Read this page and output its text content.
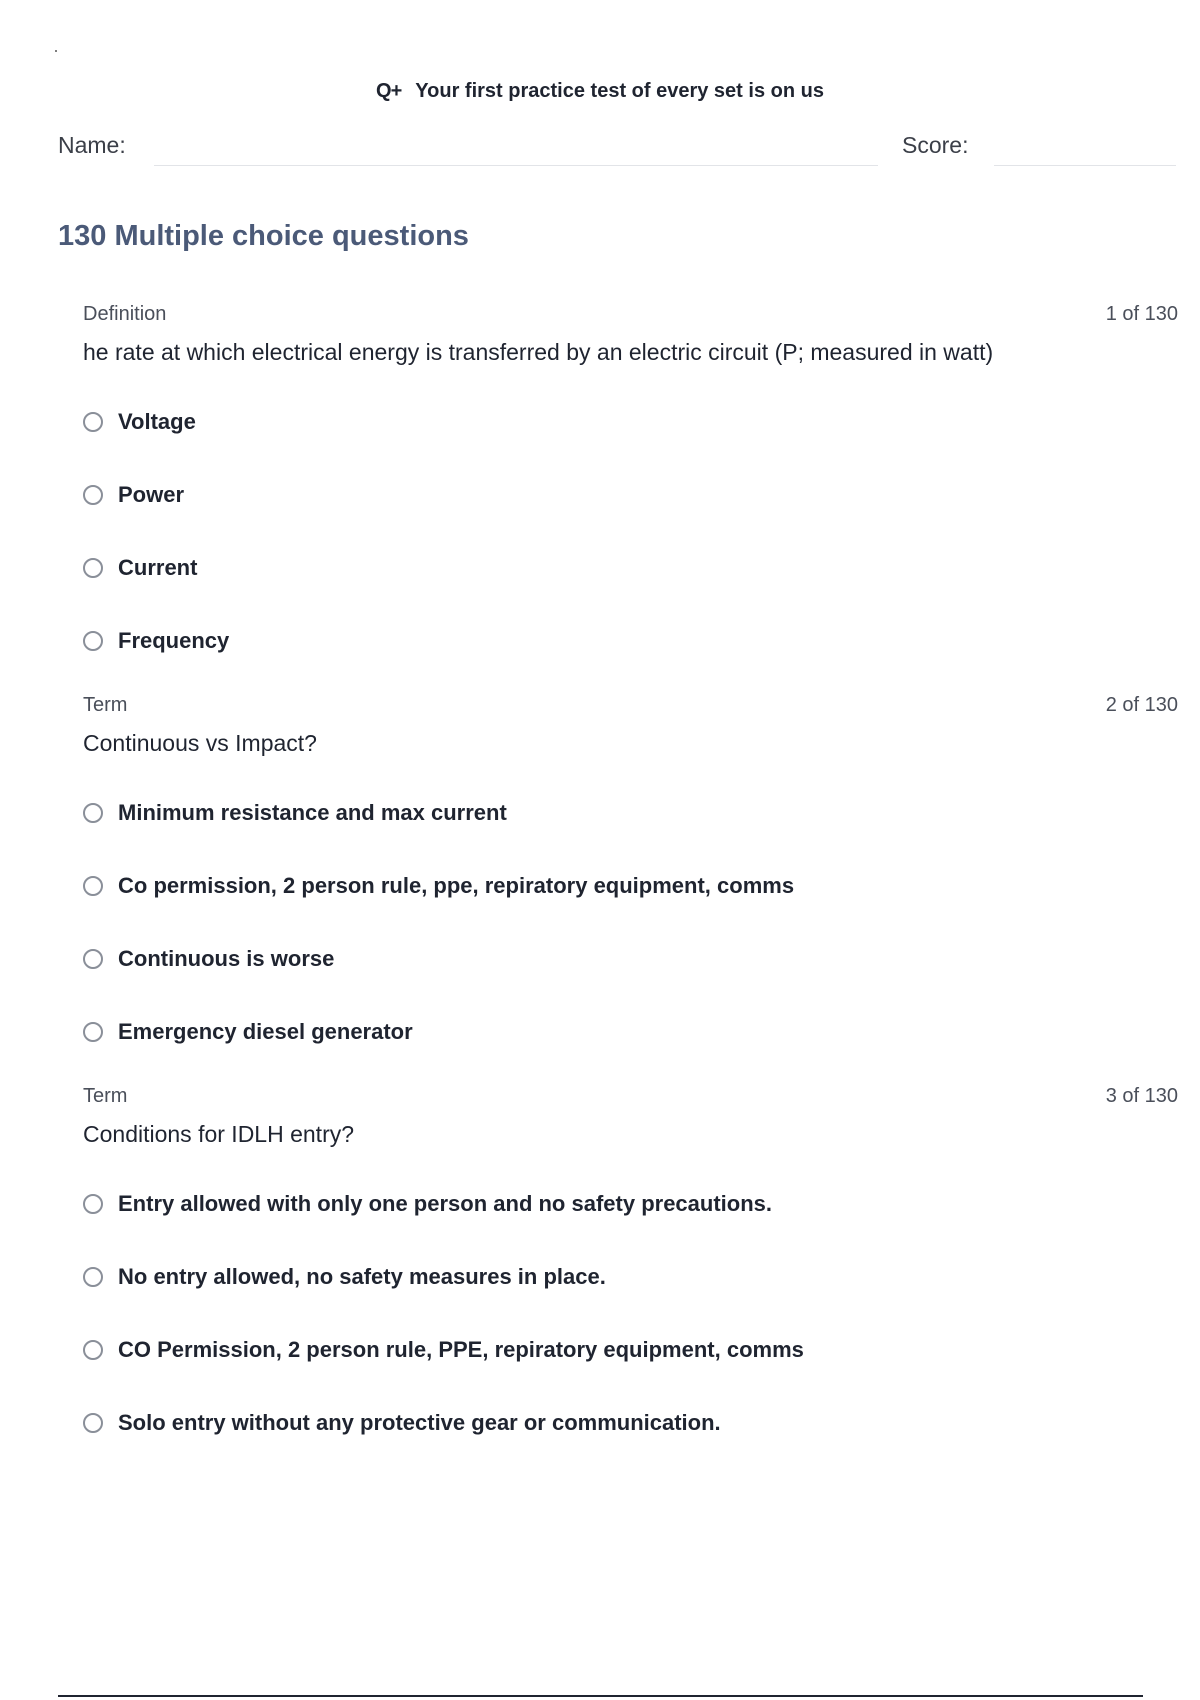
Q+ Your first practice test of every set is on us
Name:	Score:
130 Multiple choice questions
Definition	1 of 130
he rate at which electrical energy is transferred by an electric circuit (P; measured in watt)
Voltage
Power
Current
Frequency
Term	2 of 130
Continuous vs Impact?
Minimum resistance and max current
Co permission, 2 person rule, ppe, repiratory equipment, comms
Continuous is worse
Emergency diesel generator
Term	3 of 130
Conditions for IDLH entry?
Entry allowed with only one person and no safety precautions.
No entry allowed, no safety measures in place.
CO Permission, 2 person rule, PPE, repiratory equipment, comms
Solo entry without any protective gear or communication.
